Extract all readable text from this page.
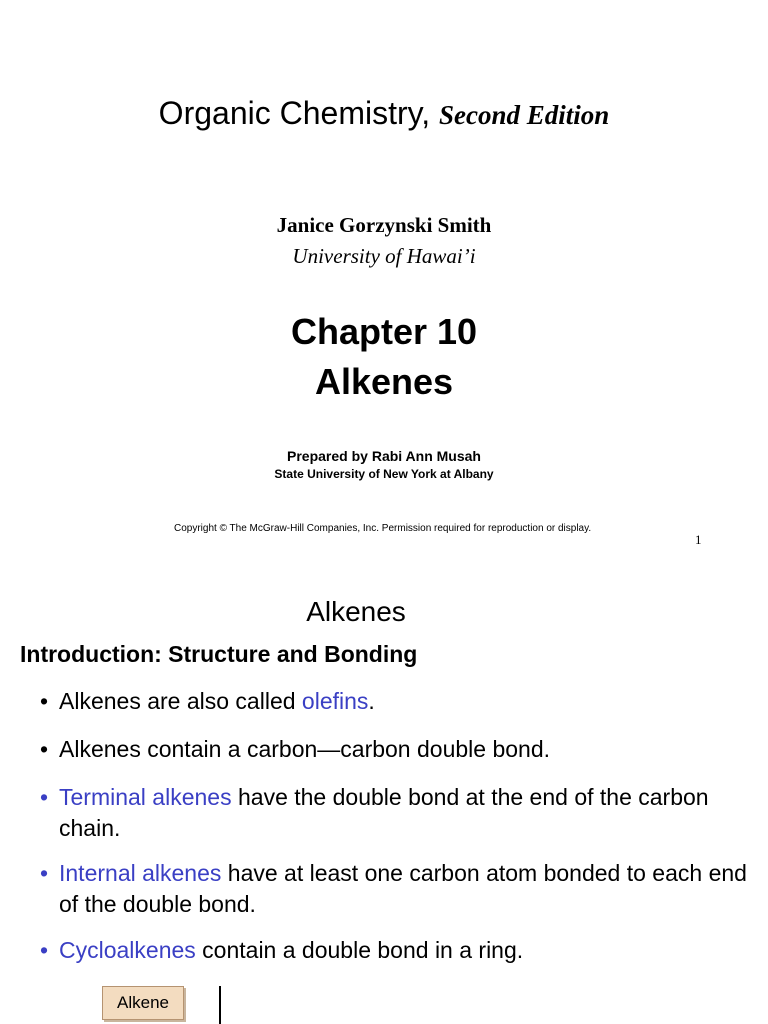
Organic Chemistry, Second Edition
Janice Gorzynski Smith
University of Hawai’i
Chapter 10
Alkenes
Prepared by Rabi Ann Musah
State University of New York at Albany
Copyright © The McGraw-Hill Companies, Inc. Permission required for reproduction or display.
1
Alkenes
Introduction: Structure and Bonding
• Alkenes are also called olefins.
• Alkenes contain a carbon—carbon double bond.
• Terminal alkenes have the double bond at the end of the carbon chain.
• Internal alkenes have at least one carbon atom bonded to each end of the double bond.
• Cycloalkenes contain a double bond in a ring.
Alkene
